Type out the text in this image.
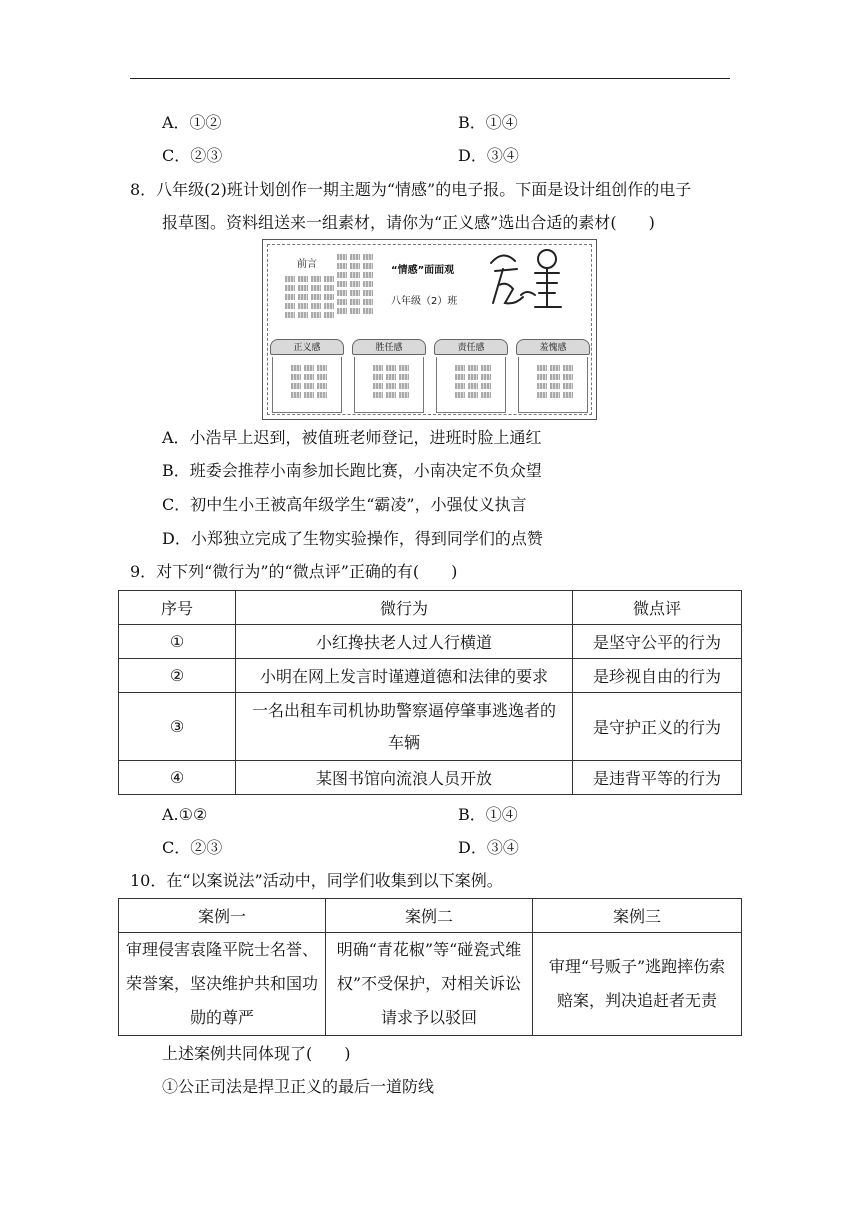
A．①②	B．①④
C．②③	D．③④
8．八年级(2)班计划创作一期主题为“情感”的电子报。下面是设计组创作的电子
报草图。资料组送来一组素材，请你为“正义感”选出合适的素材(　　)
前言
“情感”面面观
八年级（2）班
正义感	胜任感	责任感	羞愧感
A．小浩早上迟到，被值班老师登记，进班时脸上通红
B．班委会推荐小南参加长跑比赛，小南决定不负众望
C．初中生小王被高年级学生“霸凌”，小强仗义执言
D．小郑独立完成了生物实验操作，得到同学们的点赞
9．对下列“微行为”的“微点评”正确的有(　　)
序号	微行为	微点评
①	小红搀扶老人过人行横道	是坚守公平的行为
②	小明在网上发言时谨遵道德和法律的要求	是珍视自由的行为
③	一名出租车司机协助警察逼停肇事逃逸者的车辆	是守护正义的行为
④	某图书馆向流浪人员开放	是违背平等的行为
A.①②	B．①④
C．②③	D．③④
10．在“以案说法”活动中，同学们收集到以下案例。
案例一	案例二	案例三
审理侵害袁隆平院士名誉、荣誉案，坚决维护共和国功勋的尊严	明确“青花椒”等“碰瓷式维权”不受保护，对相关诉讼请求予以驳回	审理“号贩子”逃跑摔伤索赔案，判决追赶者无责
上述案例共同体现了(　　)
①公正司法是捍卫正义的最后一道防线
